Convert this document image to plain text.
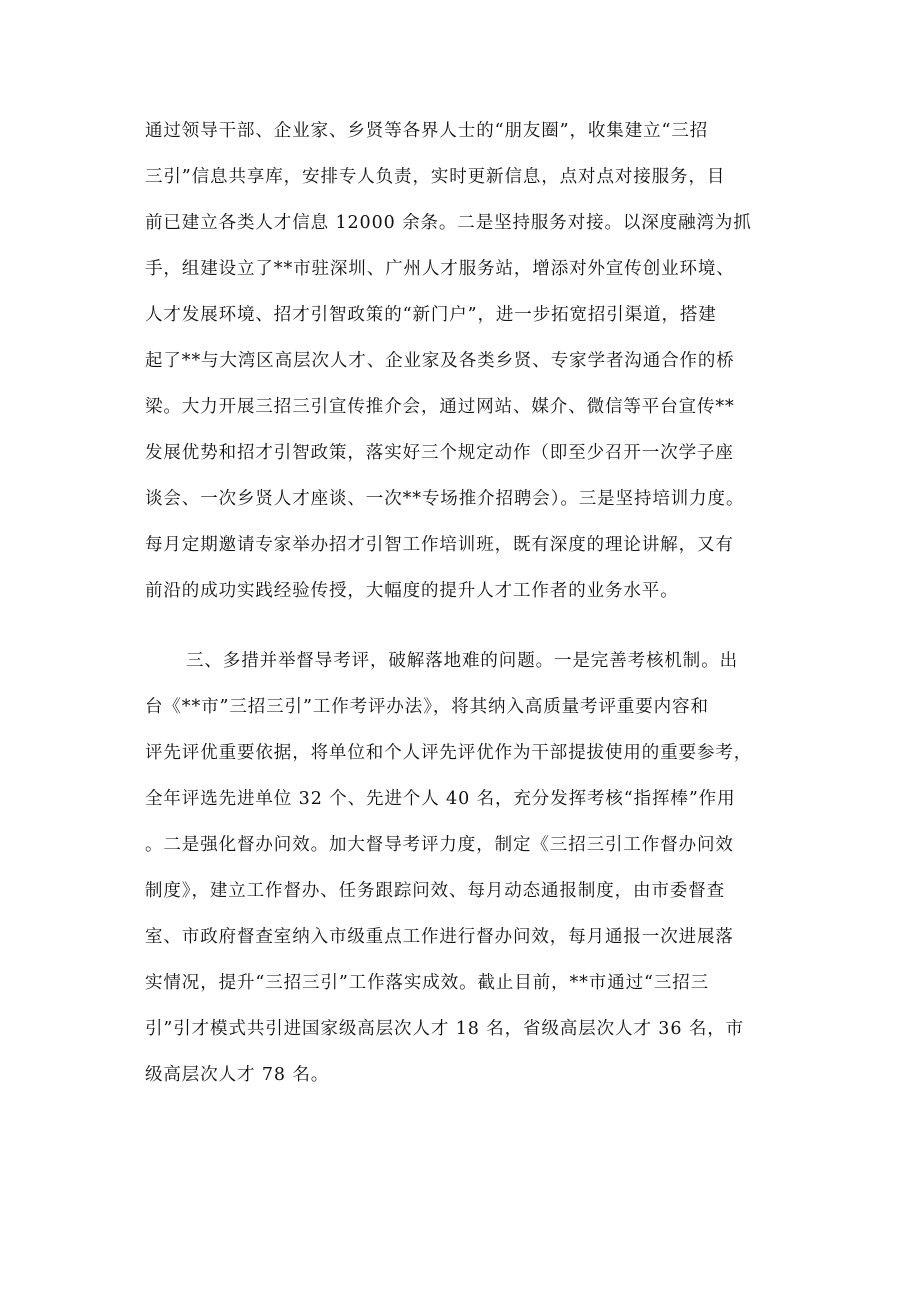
通过领导干部、企业家、乡贤等各界人士的“朋友圈”，收集建立“三招

三引”信息共享库，安排专人负责，实时更新信息，点对点对接服务，目

前已建立各类人才信息 12000 余条。二是坚持服务对接。以深度融湾为抓

手，组建设立了**市驻深圳、广州人才服务站，增添对外宣传创业环境、

人才发展环境、招才引智政策的“新门户”，进一步拓宽招引渠道，搭建

起了**与大湾区高层次人才、企业家及各类乡贤、专家学者沟通合作的桥

梁。大力开展三招三引宣传推介会，通过网站、媒介、微信等平台宣传**

发展优势和招才引智政策，落实好三个规定动作（即至少召开一次学子座

谈会、一次乡贤人才座谈、一次**专场推介招聘会）。三是坚持培训力度。

每月定期邀请专家举办招才引智工作培训班，既有深度的理论讲解，又有

前沿的成功实践经验传授，大幅度的提升人才工作者的业务水平。

三、多措并举督导考评，破解落地难的问题。一是完善考核机制。出

台《**市”三招三引”工作考评办法》，将其纳入高质量考评重要内容和

评先评优重要依据，将单位和个人评先评优作为干部提拔使用的重要参考，

全年评选先进单位 32 个、先进个人 40 名，充分发挥考核“指挥棒”作用

。二是强化督办问效。加大督导考评力度，制定《三招三引工作督办问效

制度》，建立工作督办、任务跟踪问效、每月动态通报制度，由市委督查

室、市政府督查室纳入市级重点工作进行督办问效，每月通报一次进展落

实情况，提升“三招三引”工作落实成效。截止目前，**市通过“三招三

引”引才模式共引进国家级高层次人才 18 名，省级高层次人才 36 名，市

级高层次人才 78 名。
